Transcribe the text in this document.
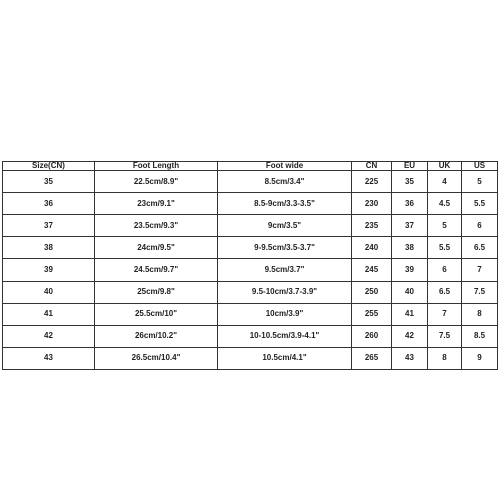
Size(CN)	Foot Length	Foot wide	CN	EU	UK	US
35	22.5cm/8.9"	8.5cm/3.4"	225	35	4	5
36	23cm/9.1"	8.5-9cm/3.3-3.5"	230	36	4.5	5.5
37	23.5cm/9.3"	9cm/3.5"	235	37	5	6
38	24cm/9.5"	9-9.5cm/3.5-3.7"	240	38	5.5	6.5
39	24.5cm/9.7"	9.5cm/3.7"	245	39	6	7
40	25cm/9.8"	9.5-10cm/3.7-3.9"	250	40	6.5	7.5
41	25.5cm/10"	10cm/3.9"	255	41	7	8
42	26cm/10.2"	10-10.5cm/3.9-4.1"	260	42	7.5	8.5
43	26.5cm/10.4"	10.5cm/4.1"	265	43	8	9
